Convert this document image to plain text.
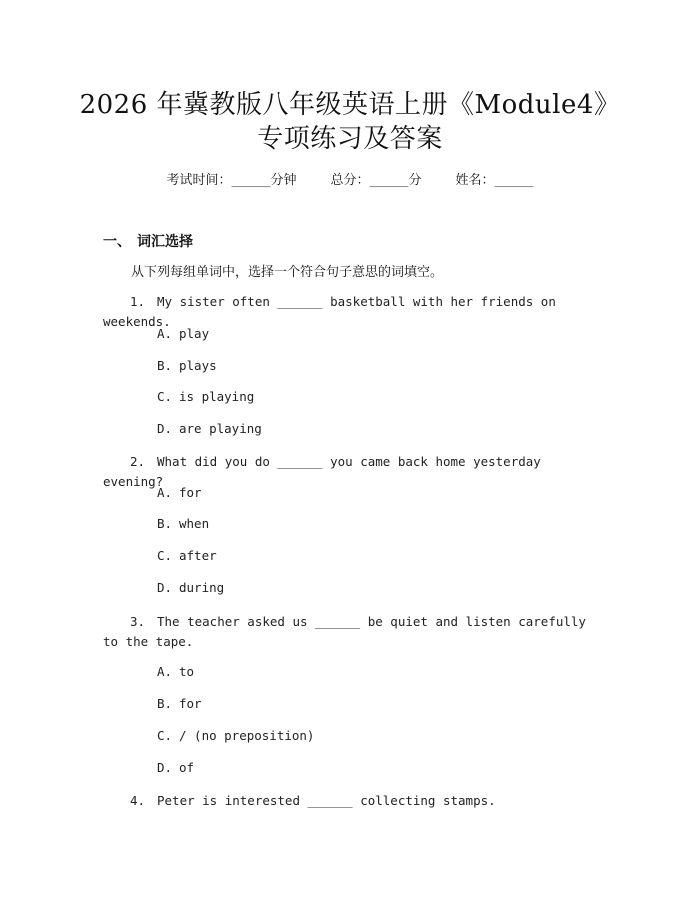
2026 年冀教版八年级英语上册《Module4》
专项练习及答案
考试时间：______分钟	总分：______分	姓名：______
一、 词汇选择
从下列每组单词中，选择一个符合句子意思的词填空。
1. My sister often ______ basketball with her friends on weekends.
A. play
B. plays
C. is playing
D. are playing
2. What did you do ______ you came back home yesterday evening?
A. for
B. when
C. after
D. during
3. The teacher asked us ______ be quiet and listen carefully to the tape.
A. to
B. for
C. / (no preposition)
D. of
4. Peter is interested ______ collecting stamps.
